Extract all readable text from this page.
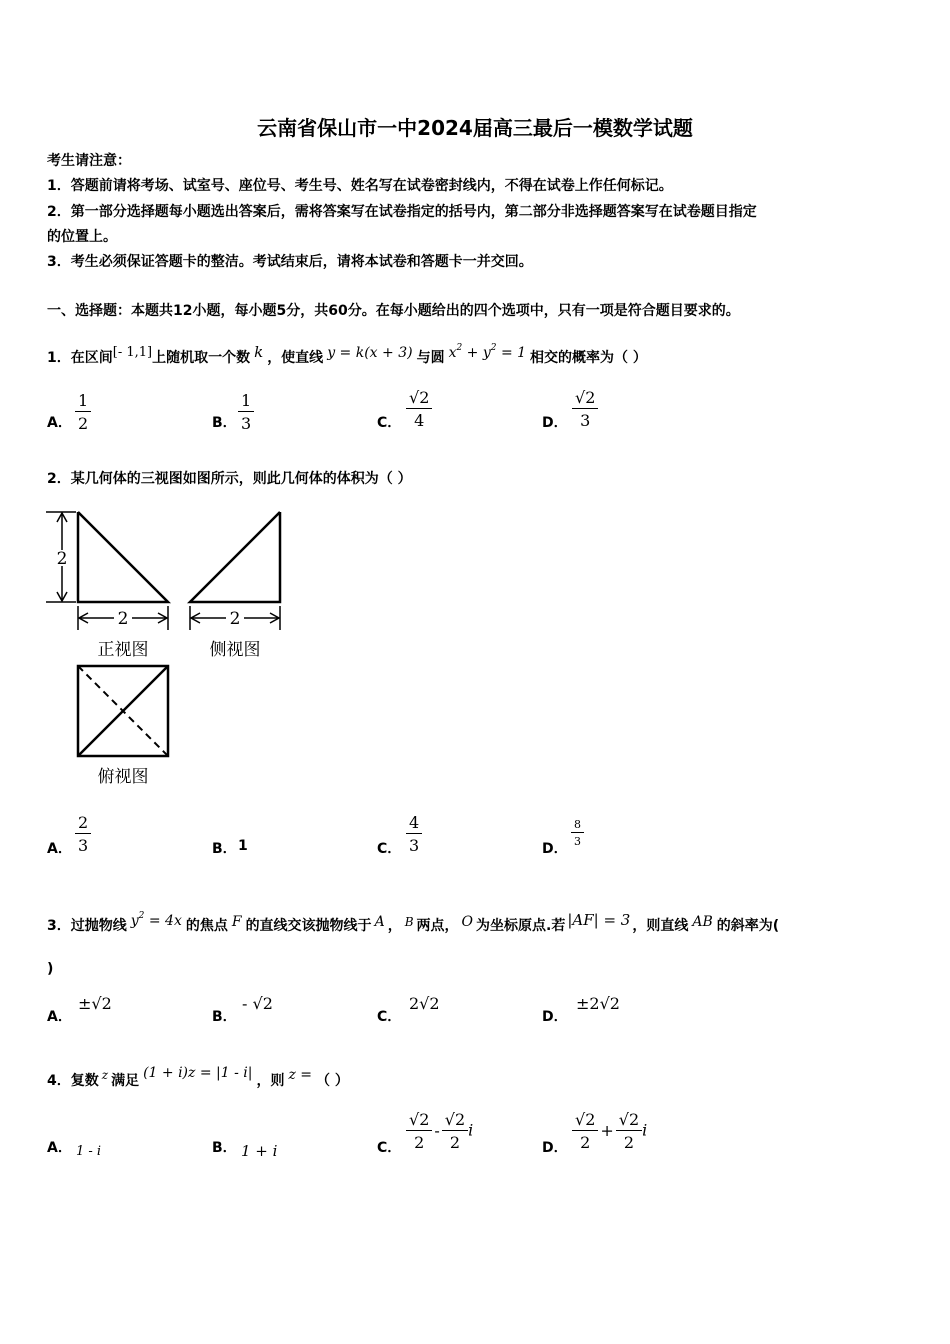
云南省保山市一中2024届高三最后一模数学试题
考生请注意：
1．答题前请将考场、试室号、座位号、考生号、姓名写在试卷密封线内，不得在试卷上作任何标记。
2．第一部分选择题每小题选出答案后，需将答案写在试卷指定的括号内，第二部分非选择题答案写在试卷题目指定
的位置上。
3．考生必须保证答题卡的整洁。考试结束后，请将本试卷和答题卡一并交回。
一、选择题：本题共12小题，每小题5分，共60分。在每小题给出的四个选项中，只有一项是符合题目要求的。
1．在区间[- 1,1]上随机取一个数 k ，使直线 y = k(x + 3) 与圆 $x^2 + y^2 = 1$ 相交的概率为（ ）
A． $\frac{1}{2}$	B． $\frac{1}{3}$	C． $\frac{√2}{4}$	D． $\frac{√2}{3}$
2．某几何体的三视图如图所示，则此几何体的体积为（ ）
2
2	2
正视图	侧视图
俯视图
A． $\frac{2}{3}$	B． 1	C． $\frac{4}{3}$	D．
$\frac{8}{3}$
3．过抛物线 $y^2 = 4x$ 的焦点 F 的直线交该抛物线于 A ， B 两点， O 为坐标原点.若 |AF| = 3 ，则直线 AB 的斜率为(
)
A．
±√2
B．
- √2
C．
2√2
D．
±2√2
4．复数 z 满足 (1 + i)z = |1 - i| ，则 z = （ ）
A． 1 - i	B． 1 + i	C． $\frac{√2}{2} - \frac{√2}{2}$ i
D． $\frac{√2}{2} + \frac{√2}{2}$ i
